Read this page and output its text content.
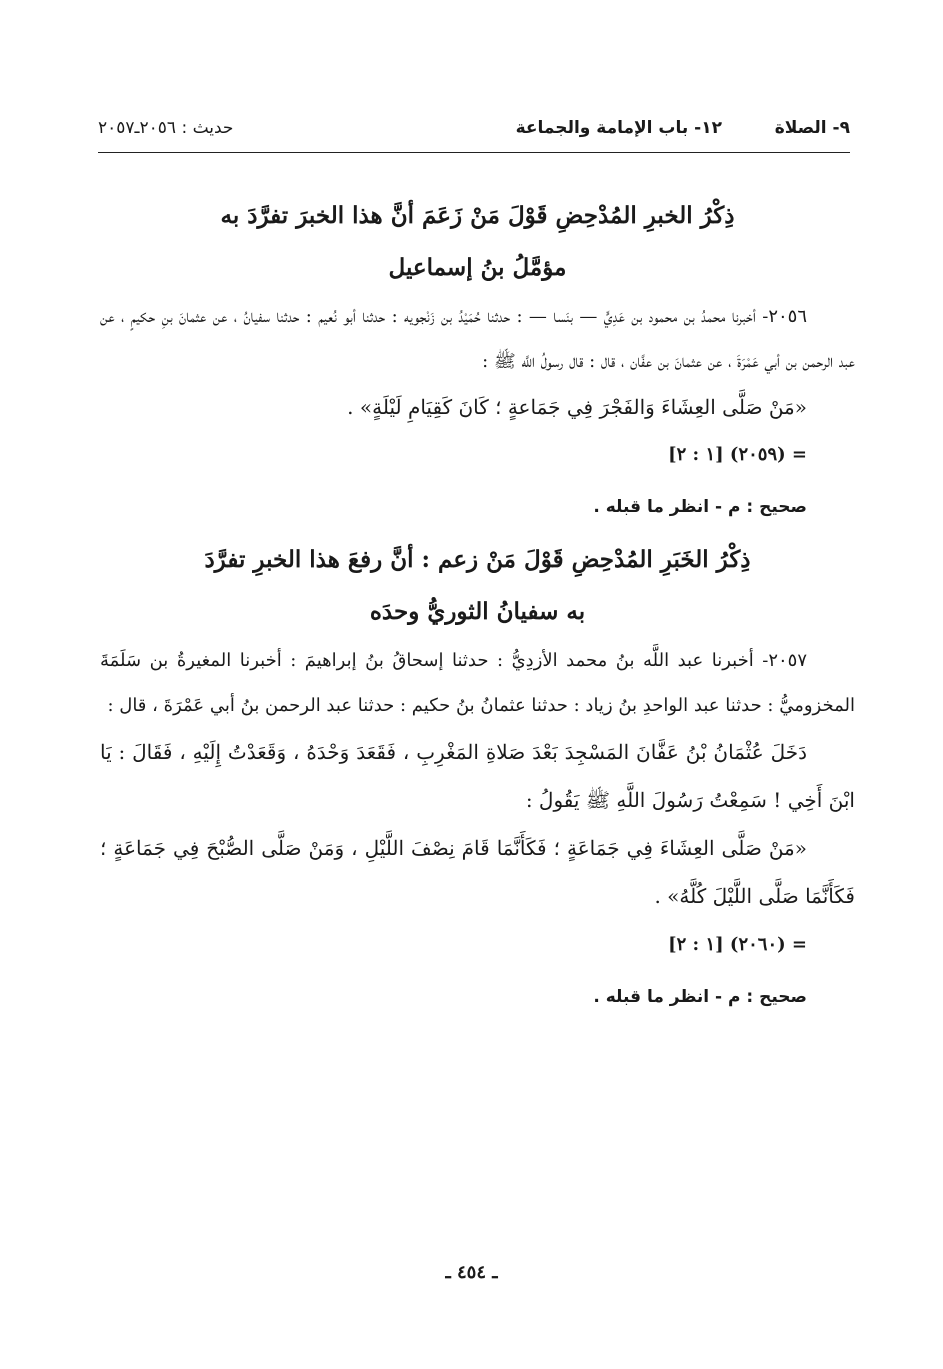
٩- الصلاة
١٢- باب الإمامة والجماعة
حديث : ٢٠٥٦ـ٢٠٥٧

ذِكْرُ الخبرِ المُدْحِضِ قَوْلَ مَنْ زَعَمَ أنَّ هذا الخبرَ تفرَّدَ به

مؤمَّلُ بنُ إسماعيل

٢٠٥٦- أخبرنا محمدُ بن محمود بن عَدِيٍّ — بنَسا — : حدثنا حُمَيْدُ بن زَنْجويه : حدثنا أبو نُعيم : حدثنا سفيانُ ، عن عثمانَ بنِ حكيمٍ ، عن عبد الرحمن بن أبي عَمْرَةَ ، عن عثمانَ بن عفَّان ، قال : قال رسولُ اللَّه ﷺ :

«مَنْ صَلَّى العِشَاءَ وَالفَجْرَ فِي جَمَاعةٍ ؛ كَانَ كَقِيَامِ لَيْلَةٍ» .

= (٢٠٥٩) [١ : ٢]

صحيح : م - انظر ما قبله .

ذِكْرُ الخَبَرِ المُدْحِضِ قَوْلَ مَنْ زعم : أنَّ رفعَ هذا الخبرِ تفرَّدَ

به سفيانُ الثوريُّ وحدَه

٢٠٥٧- أخبرنا عبد اللَّه بنُ محمد الأزدِيُّ : حدثنا إسحاقُ بنُ إبراهيمَ : أخبرنا المغيرةُ بن سَلَمَةَ المخزوميُّ : حدثنا عبد الواحدِ بنُ زياد : حدثنا عثمانُ بنُ حكيم : حدثنا عبد الرحمن بنُ أبي عَمْرَةَ ، قال :

دَخَلَ عُثْمَانُ بْنُ عَفَّانَ المَسْجِدَ بَعْدَ صَلاةِ المَغْرِبِ ، فَقَعَدَ وَحْدَهُ ، وَقَعَدْتُ إِلَيْهِ ، فَقَالَ : يَا ابْنَ أَخِي ! سَمِعْتُ رَسُولَ اللَّهِ ﷺ يَقُولُ :

«مَنْ صَلَّى العِشَاءَ فِي جَمَاعَةٍ ؛ فَكَأَنَّمَا قَامَ نِصْفَ اللَّيْلِ ، وَمَنْ صَلَّى الصُّبْحَ فِي جَمَاعَةٍ ؛ فَكَأَنَّمَا صَلَّى اللَّيْلَ كُلَّهُ» .

= (٢٠٦٠) [١ : ٢]

صحيح : م - انظر ما قبله .

ـ ٤٥٤ ـ
